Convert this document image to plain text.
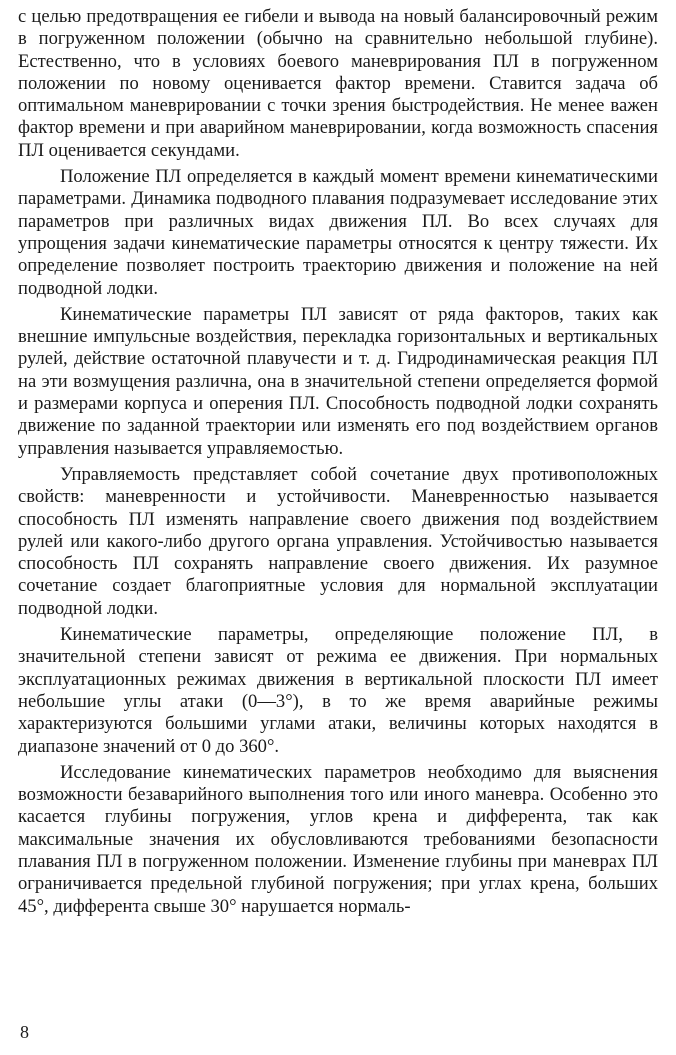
с целью предотвращения ее гибели и вывода на новый балансировочный режим в погруженном положении (обычно на сравнительно небольшой глубине). Естественно, что в условиях боевого маневрирования ПЛ в погруженном положении по новому оценивается фактор времени. Ставится задача об оптимальном маневрировании с точки зрения быстродействия. Не менее важен фактор времени и при аварийном маневрировании, когда возможность спасения ПЛ оценивается секундами.

Положение ПЛ определяется в каждый момент времени кинематическими параметрами. Динамика подводного плавания подразумевает исследование этих параметров при различных видах движения ПЛ. Во всех случаях для упрощения задачи кинематические параметры относятся к центру тяжести. Их определение позволяет построить траекторию движения и положение на ней подводной лодки.

Кинематические параметры ПЛ зависят от ряда факторов, таких как внешние импульсные воздействия, перекладка горизонтальных и вертикальных рулей, действие остаточной плавучести и т. д. Гидродинамическая реакция ПЛ на эти возмущения различна, она в значительной степени определяется формой и размерами корпуса и оперения ПЛ. Способность подводной лодки сохранять движение по заданной траектории или изменять его под воздействием органов управления называется управляемостью.

Управляемость представляет собой сочетание двух противоположных свойств: маневренности и устойчивости. Маневренностью называется способность ПЛ изменять направление своего движения под воздействием рулей или какого-либо другого органа управления. Устойчивостью называется способность ПЛ сохранять направление своего движения. Их разумное сочетание создает благоприятные условия для нормальной эксплуатации подводной лодки.

Кинематические параметры, определяющие положение ПЛ, в значительной степени зависят от режима ее движения. При нормальных эксплуатационных режимах движения в вертикальной плоскости ПЛ имеет небольшие углы атаки (0—3°), в то же время аварийные режимы характеризуются большими углами атаки, величины которых находятся в диапазоне значений от 0 до 360°.

Исследование кинематических параметров необходимо для выяснения возможности безаварийного выполнения того или иного маневра. Особенно это касается глубины погружения, углов крена и дифферента, так как максимальные значения их обусловливаются требованиями безопасности плавания ПЛ в погруженном положении. Изменение глубины при маневрах ПЛ ограничивается предельной глубиной погружения; при углах крена, больших 45°, дифферента свыше 30° нарушается нормаль-

8
